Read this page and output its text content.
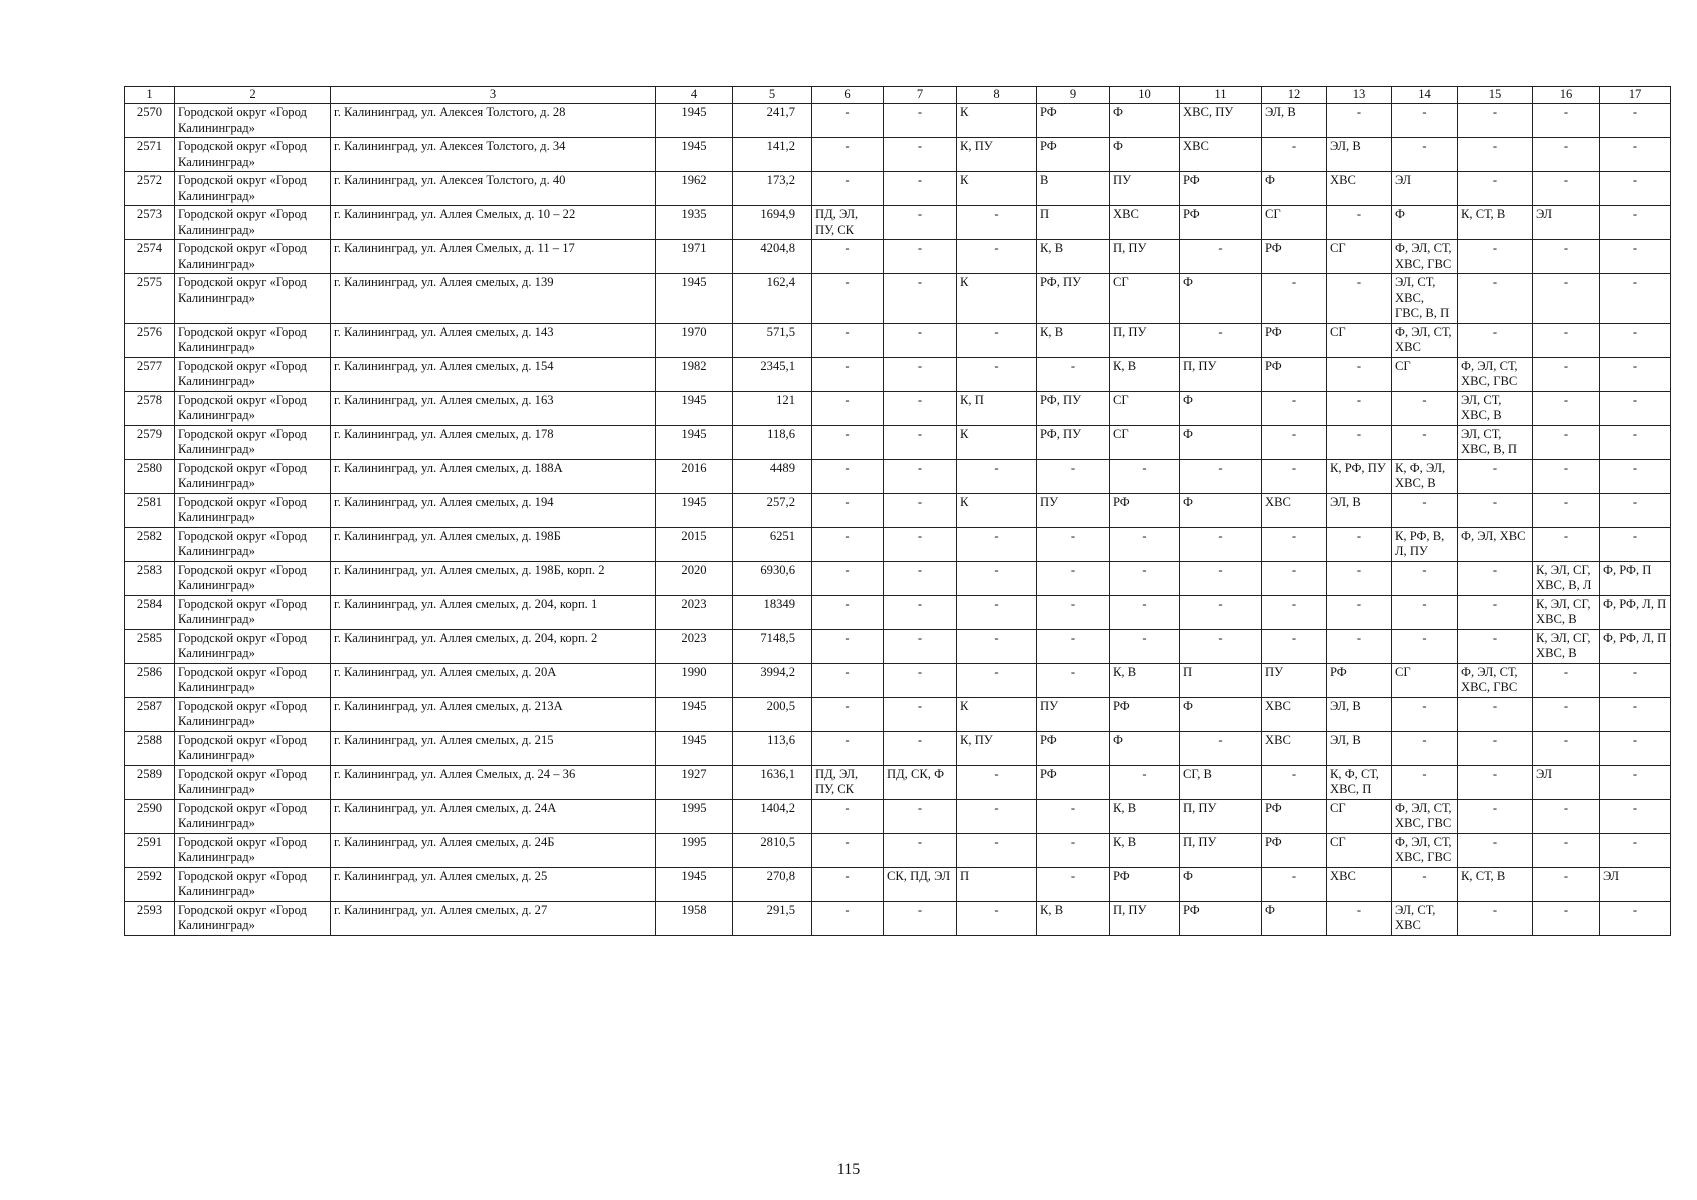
1	2	3	4	5	6	7	8	9	10	11	12	13	14	15	16	17
2570	Городской округ «Город Калининград»	г. Калининград, ул. Алексея Толстого, д. 28	1945	241,7	-	-	К	РФ	Ф	ХВС, ПУ	ЭЛ, В	-	-	-	-	-
2571	Городской округ «Город Калининград»	г. Калининград, ул. Алексея Толстого, д. 34	1945	141,2	-	-	К, ПУ	РФ	Ф	ХВС	-	ЭЛ, В	-	-	-	-
2572	Городской округ «Город Калининград»	г. Калининград, ул. Алексея Толстого, д. 40	1962	173,2	-	-	К	В	ПУ	РФ	Ф	ХВС	ЭЛ	-	-	-
2573	Городской округ «Город Калининград»	г. Калининград, ул. Аллея Смелых, д. 10 – 22	1935	1694,9	ПД, ЭЛ, ПУ, СК	-	-	П	ХВС	РФ	СГ	-	Ф	К, СТ, В	ЭЛ	-
2574	Городской округ «Город Калининград»	г. Калининград, ул. Аллея Смелых, д. 11 – 17	1971	4204,8	-	-	-	К, В	П, ПУ	-	РФ	СГ	Ф, ЭЛ, СТ, ХВС, ГВС	-	-	-
2575	Городской округ «Город Калининград»	г. Калининград, ул. Аллея смелых, д. 139	1945	162,4	-	-	К	РФ, ПУ	СГ	Ф	-	-	ЭЛ, СТ, ХВС, ГВС, В, П	-	-	-
2576	Городской округ «Город Калининград»	г. Калининград, ул. Аллея смелых, д. 143	1970	571,5	-	-	-	К, В	П, ПУ	-	РФ	СГ	Ф, ЭЛ, СТ, ХВС	-	-	-
2577	Городской округ «Город Калининград»	г. Калининград, ул. Аллея смелых, д. 154	1982	2345,1	-	-	-	-	К, В	П, ПУ	РФ	-	СГ	Ф, ЭЛ, СТ, ХВС, ГВС	-	-
2578	Городской округ «Город Калининград»	г. Калининград, ул. Аллея смелых, д. 163	1945	121	-	-	К, П	РФ, ПУ	СГ	Ф	-	-	-	ЭЛ, СТ, ХВС, В	-	-
2579	Городской округ «Город Калининград»	г. Калининград, ул. Аллея смелых, д. 178	1945	118,6	-	-	К	РФ, ПУ	СГ	Ф	-	-	-	ЭЛ, СТ, ХВС, В, П	-	-
2580	Городской округ «Город Калининград»	г. Калининград, ул. Аллея смелых, д. 188А	2016	4489	-	-	-	-	-	-	-	К, РФ, ПУ	К, Ф, ЭЛ, ХВС, В	-	-	-
2581	Городской округ «Город Калининград»	г. Калининград, ул. Аллея смелых, д. 194	1945	257,2	-	-	К	ПУ	РФ	Ф	ХВС	ЭЛ, В	-	-	-	-
2582	Городской округ «Город Калининград»	г. Калининград, ул. Аллея смелых, д. 198Б	2015	6251	-	-	-	-	-	-	-	-	К, РФ, В, Л, ПУ	Ф, ЭЛ, ХВС	-	-
2583	Городской округ «Город Калининград»	г. Калининград, ул. Аллея смелых, д. 198Б, корп. 2	2020	6930,6	-	-	-	-	-	-	-	-	-	-	К, ЭЛ, СГ, ХВС, В, Л	Ф, РФ, П
2584	Городской округ «Город Калининград»	г. Калининград, ул. Аллея смелых, д. 204, корп. 1	2023	18349	-	-	-	-	-	-	-	-	-	-	К, ЭЛ, СГ, ХВС, В	Ф, РФ, Л, П
2585	Городской округ «Город Калининград»	г. Калининград, ул. Аллея смелых, д. 204, корп. 2	2023	7148,5	-	-	-	-	-	-	-	-	-	-	К, ЭЛ, СГ, ХВС, В	Ф, РФ, Л, П
2586	Городской округ «Город Калининград»	г. Калининград, ул. Аллея смелых, д. 20А	1990	3994,2	-	-	-	-	К, В	П	ПУ	РФ	СГ	Ф, ЭЛ, СТ, ХВС, ГВС	-	-
2587	Городской округ «Город Калининград»	г. Калининград, ул. Аллея смелых, д. 213А	1945	200,5	-	-	К	ПУ	РФ	Ф	ХВС	ЭЛ, В	-	-	-	-
2588	Городской округ «Город Калининград»	г. Калининград, ул. Аллея смелых, д. 215	1945	113,6	-	-	К, ПУ	РФ	Ф	-	ХВС	ЭЛ, В	-	-	-	-
2589	Городской округ «Город Калининград»	г. Калининград, ул. Аллея Смелых, д. 24 – 36	1927	1636,1	ПД, ЭЛ, ПУ, СК	ПД, СК, Ф	-	РФ	-	СГ, В	-	К, Ф, СТ, ХВС, П	-	-	ЭЛ	-
2590	Городской округ «Город Калининград»	г. Калининград, ул. Аллея смелых, д. 24А	1995	1404,2	-	-	-	-	К, В	П, ПУ	РФ	СГ	Ф, ЭЛ, СТ, ХВС, ГВС	-	-	-
2591	Городской округ «Город Калининград»	г. Калининград, ул. Аллея смелых, д. 24Б	1995	2810,5	-	-	-	-	К, В	П, ПУ	РФ	СГ	Ф, ЭЛ, СТ, ХВС, ГВС	-	-	-
2592	Городской округ «Город Калининград»	г. Калининград, ул. Аллея смелых, д. 25	1945	270,8	-	СК, ПД, ЭЛ	П	-	РФ	Ф	-	ХВС	-	К, СТ, В	-	ЭЛ
2593	Городской округ «Город Калининград»	г. Калининград, ул. Аллея смелых, д. 27	1958	291,5	-	-	-	К, В	П, ПУ	РФ	Ф	-	ЭЛ, СТ, ХВС	-	-	-
115
